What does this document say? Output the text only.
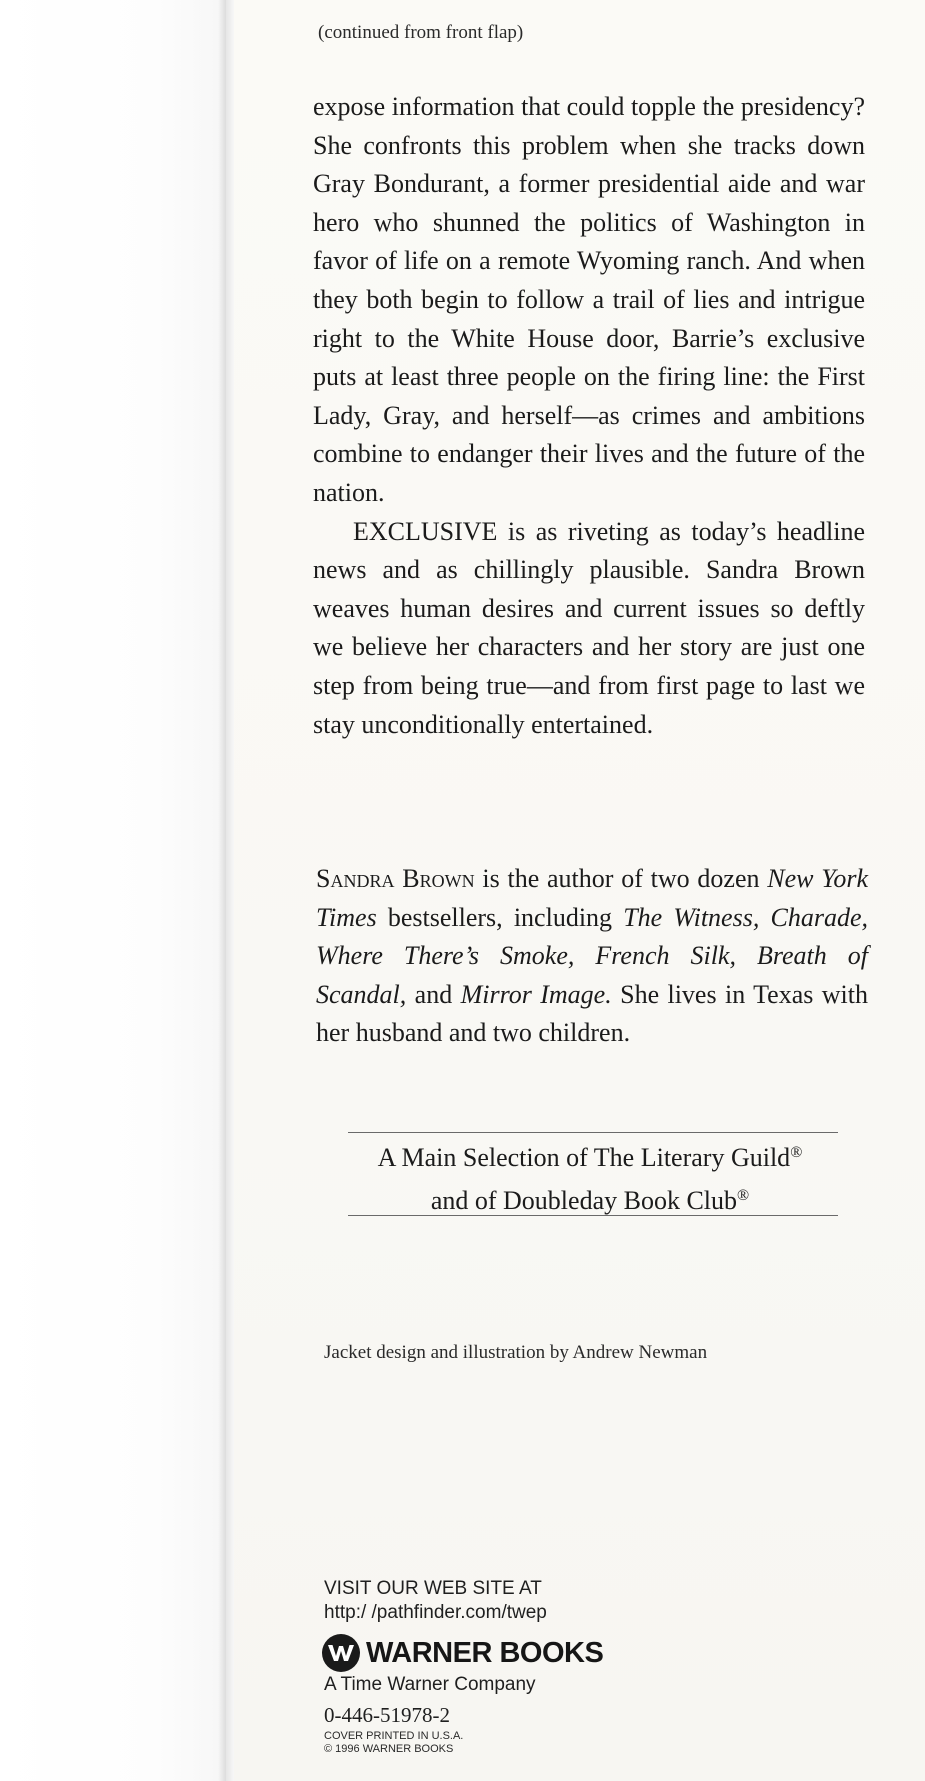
(continued from front flap)

expose information that could topple the presidency? She confronts this problem when she tracks down Gray Bondurant, a former presidential aide and war hero who shunned the politics of Washington in favor of life on a remote Wyoming ranch. And when they both begin to follow a trail of lies and intrigue right to the White House door, Barrie’s exclusive puts at least three people on the firing line: the First Lady, Gray, and herself—as crimes and ambitions combine to endanger their lives and the future of the nation.

EXCLUSIVE is as riveting as today’s headline news and as chillingly plausible. Sandra Brown weaves human desires and current issues so deftly we believe her characters and her story are just one step from being true—and from first page to last we stay unconditionally entertained.

Sandra Brown is the author of two dozen New York Times bestsellers, including The Witness, Charade, Where There’s Smoke, French Silk, Breath of Scandal, and Mirror Image. She lives in Texas with her husband and two children.

A Main Selection of The Literary Guild®
and of Doubleday Book Club®
Jacket design and illustration by Andrew Newman
VISIT OUR WEB SITE AT
http:/ /pathfinder.com/twep
WARNER BOOKS
A Time Warner Company
0-446-51978-2
COVER PRINTED IN U.S.A.
© 1996 WARNER BOOKS
